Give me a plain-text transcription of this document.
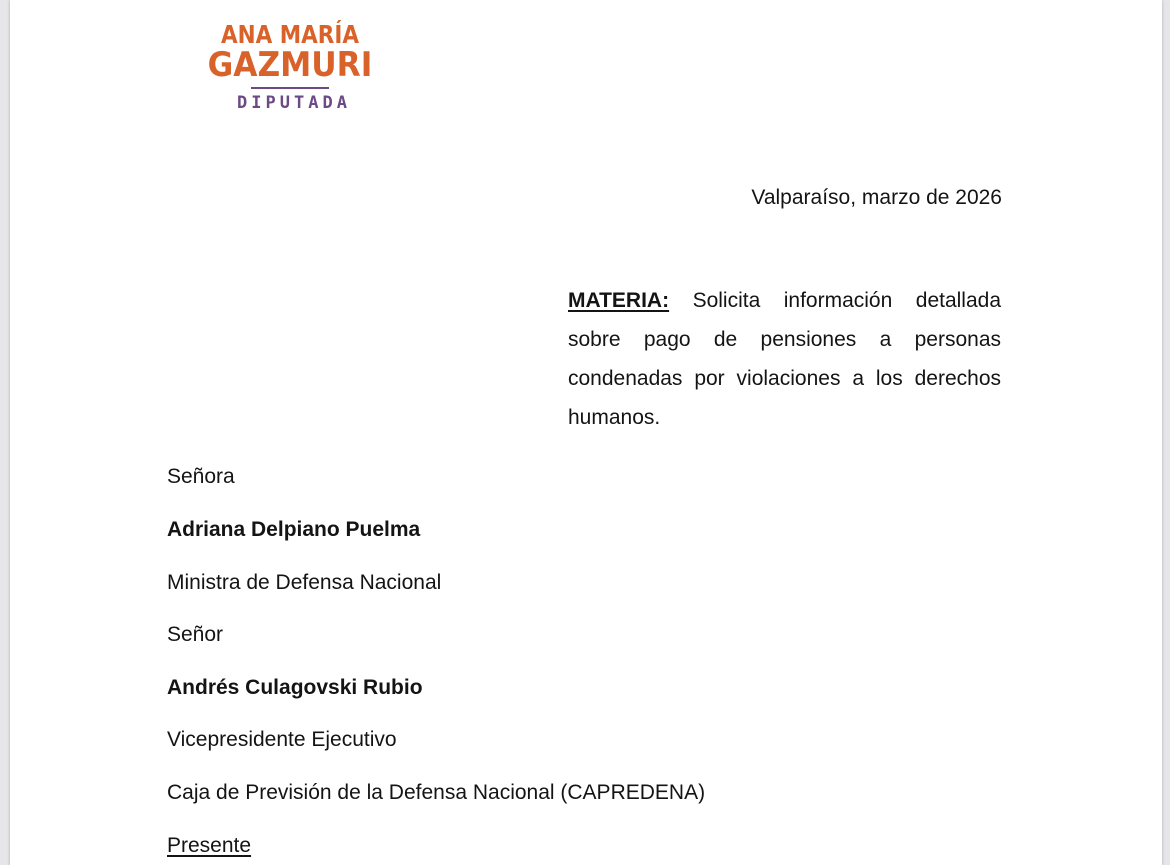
ANA MARÍA
GAZMURI
DIPUTADA
Valparaíso, marzo de 2026
MATERIA: Solicita información detallada sobre pago de pensiones a personas condenadas por violaciones a los derechos humanos.
Señora
Adriana Delpiano Puelma
Ministra de Defensa Nacional
Señor
Andrés Culagovski Rubio
Vicepresidente Ejecutivo
Caja de Previsión de la Defensa Nacional (CAPREDENA)
Presente
